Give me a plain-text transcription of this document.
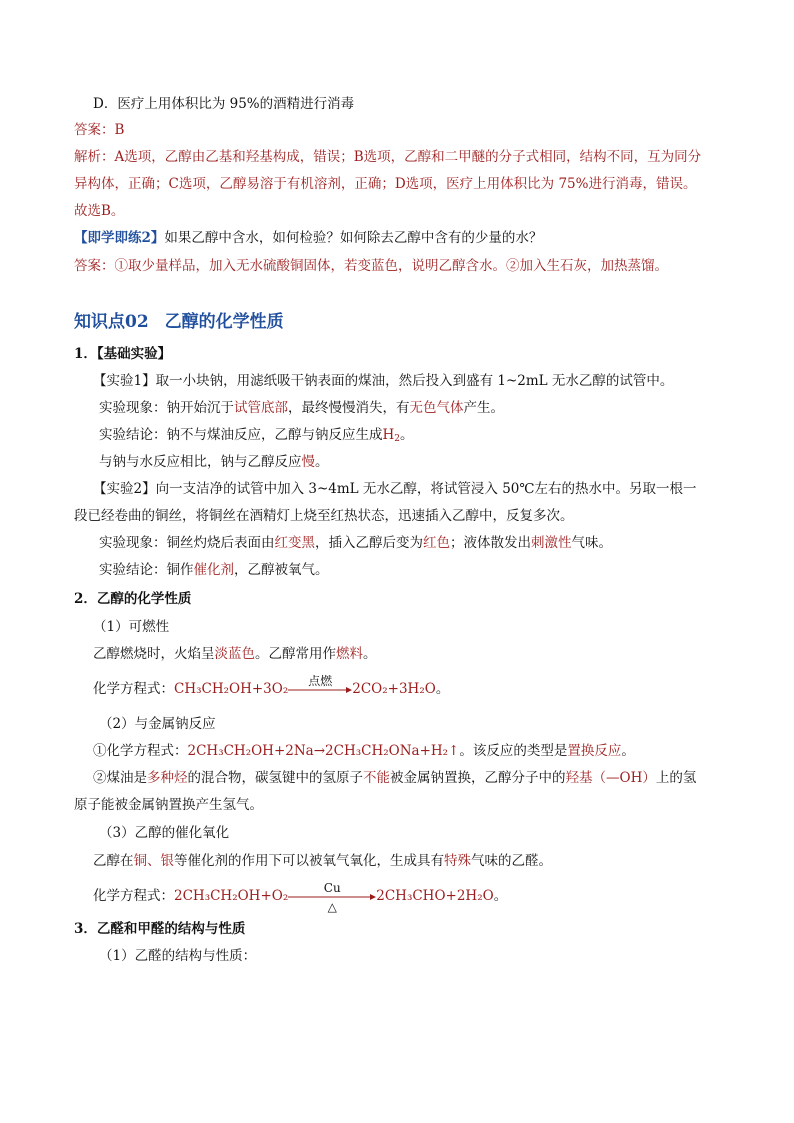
D．医疗上用体积比为 95%的酒精进行消毒
答案：B
解析：A选项，乙醇由乙基和羟基构成，错误；B选项，乙醇和二甲醚的分子式相同，结构不同，互为同分
异构体，正确；C选项，乙醇易溶于有机溶剂，正确；D选项，医疗上用体积比为 75%进行消毒，错误。
故选B。
【即学即练2】如果乙醇中含水，如何检验？如何除去乙醇中含有的少量的水？
答案：①取少量样品，加入无水硫酸铜固体，若变蓝色，说明乙醇含水。②加入生石灰，加热蒸馏。
知识点02 乙醇的化学性质
1．【基础实验】
【实验1】取一小块钠，用滤纸吸干钠表面的煤油，然后投入到盛有 1~2mL 无水乙醇的试管中。
实验现象：钠开始沉于试管底部，最终慢慢消失，有无色气体产生。
实验结论：钠不与煤油反应，乙醇与钠反应生成$H_2$。
与钠与水反应相比，钠与乙醇反应慢。
【实验2】向一支洁净的试管中加入 3~4mL 无水乙醇，将试管浸入 50℃左右的热水中。另取一根一
段已经卷曲的铜丝，将铜丝在酒精灯上烧至红热状态，迅速插入乙醇中，反复多次。
实验现象：铜丝灼烧后表面由红变黑，插入乙醇后变为红色；液体散发出刺激性气味。
实验结论：铜作催化剂，乙醇被氧气。
2．乙醇的化学性质
（1）可燃性
乙醇燃烧时，火焰呈淡蓝色。乙醇常用作燃料。
化学方程式：CH₃CH₂OH+3O₂
点燃
2CO₂+3H₂O。
（2）与金属钠反应
①化学方程式：2CH₃CH₂OH+2Na→2CH₃CH₂ONa+H₂↑。该反应的类型是置换反应。
②煤油是多种烃的混合物，碳氢键中的氢原子不能被金属钠置换，乙醇分子中的羟基（—OH）上的氢
原子能被金属钠置换产生氢气。
（3）乙醇的催化氧化
乙醇在铜、银等催化剂的作用下可以被氧气氧化，生成具有特殊气味的乙醛。
化学方程式：2CH₃CH₂OH+O₂
Cu
△
2CH₃CHO+2H₂O。
3．乙醛和甲醛的结构与性质
（1）乙醛的结构与性质：
